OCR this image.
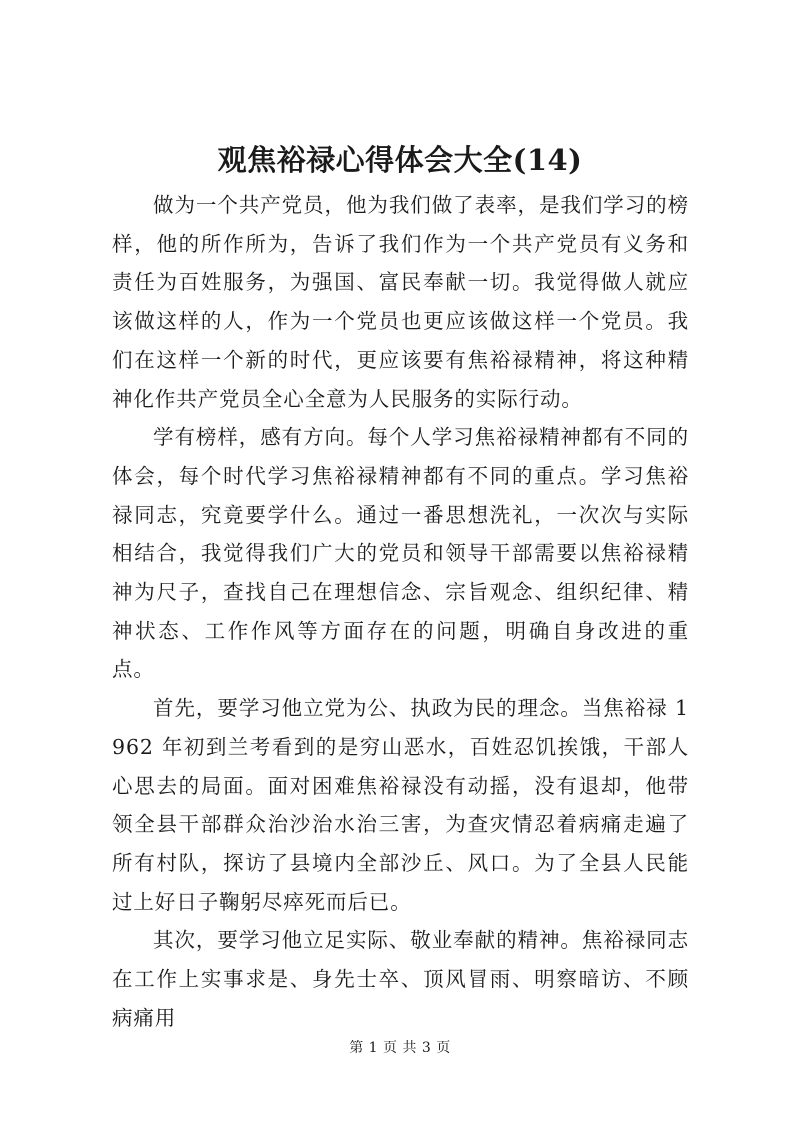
观焦裕禄心得体会大全(14)

做为一个共产党员，他为我们做了表率，是我们学习的榜样，他的所作所为，告诉了我们作为一个共产党员有义务和责任为百姓服务，为强国、富民奉献一切。我觉得做人就应该做这样的人，作为一个党员也更应该做这样一个党员。我们在这样一个新的时代，更应该要有焦裕禄精神，将这种精神化作共产党员全心全意为人民服务的实际行动。

学有榜样，感有方向。每个人学习焦裕禄精神都有不同的体会，每个时代学习焦裕禄精神都有不同的重点。学习焦裕禄同志，究竟要学什么。通过一番思想洗礼，一次次与实际相结合，我觉得我们广大的党员和领导干部需要以焦裕禄精神为尺子，查找自己在理想信念、宗旨观念、组织纪律、精神状态、工作作风等方面存在的问题，明确自身改进的重点。

首先，要学习他立党为公、执政为民的理念。当焦裕禄 1962 年初到兰考看到的是穷山恶水，百姓忍饥挨饿，干部人心思去的局面。面对困难焦裕禄没有动摇，没有退却，他带领全县干部群众治沙治水治三害，为查灾情忍着病痛走遍了所有村队，探访了县境内全部沙丘、风口。为了全县人民能过上好日子鞠躬尽瘁死而后已。

其次，要学习他立足实际、敬业奉献的精神。焦裕禄同志在工作上实事求是、身先士卒、顶风冒雨、明察暗访、不顾病痛用

第 1 页 共 3 页
